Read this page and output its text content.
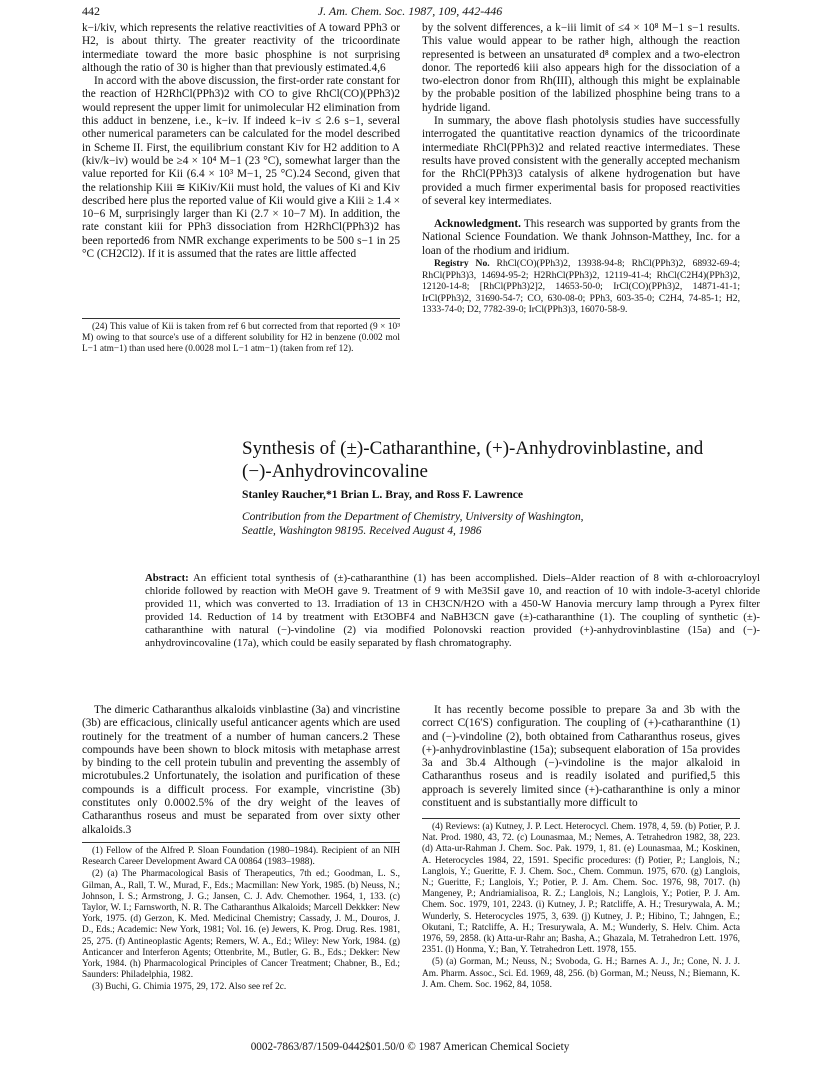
442	J. Am. Chem. Soc. 1987, 109, 442-446

k−i/kiv, which represents the relative reactivities of A toward PPh3 or H2, is about thirty. The greater reactivity of the tricoordinate intermediate toward the more basic phosphine is not surprising although the ratio of 30 is higher than that previously estimated.4,6

In accord with the above discussion, the first-order rate constant for the reaction of H2RhCl(PPh3)2 with CO to give RhCl(CO)(PPh3)2 would represent the upper limit for unimolecular H2 elimination from this adduct in benzene, i.e., k−iv. If indeed k−iv ≤ 2.6 s−1, several other numerical parameters can be calculated for the model described in Scheme II. First, the equilibrium constant Kiv for H2 addition to A (kiv/k−iv) would be ≥4 × 10⁴ M−1 (23 °C), somewhat larger than the value reported for Kii (6.4 × 10³ M−1, 25 °C).24 Second, given that the relationship Kiii ≅ KiKiv/Kii must hold, the values of Ki and Kiv described here plus the reported value of Kii would give a Kiii ≥ 1.4 × 10−6 M, surprisingly larger than Ki (2.7 × 10−7 M). In addition, the rate constant kiii for PPh3 dissociation from H2RhCl(PPh3)2 has been reported6 from NMR exchange experiments to be 500 s−1 in 25 °C (CH2Cl2). If it is assumed that the rates are little affected

(24) This value of Kii is taken from ref 6 but corrected from that reported (9 × 10³ M) owing to that source's use of a different solubility for H2 in benzene (0.002 mol L−1 atm−1) than used here (0.0028 mol L−1 atm−1) (taken from ref 12).

by the solvent differences, a k−iii limit of ≤4 × 10⁸ M−1 s−1 results. This value would appear to be rather high, although the reaction represented is between an unsaturated d⁸ complex and a two-electron donor. The reported6 kiii also appears high for the dissociation of a two-electron donor from Rh(III), although this might be explainable by the probable position of the labilized phosphine being trans to a hydride ligand.

In summary, the above flash photolysis studies have successfully interrogated the quantitative reaction dynamics of the tricoordinate intermediate RhCl(PPh3)2 and related reactive intermediates. These results have proved consistent with the generally accepted mechanism for the RhCl(PPh3)3 catalysis of alkene hydrogenation but have provided a much firmer experimental basis for proposed reactivities of several key intermediates.

Acknowledgment. This research was supported by grants from the National Science Foundation. We thank Johnson-Matthey, Inc. for a loan of the rhodium and iridium.

Registry No. RhCl(CO)(PPh3)2, 13938-94-8; RhCl(PPh3)2, 68932-69-4; RhCl(PPh3)3, 14694-95-2; H2RhCl(PPh3)2, 12119-41-4; RhCl(C2H4)(PPh3)2, 12120-14-8; [RhCl(PPh3)2]2, 14653-50-0; IrCl(CO)(PPh3)2, 14871-41-1; IrCl(PPh3)2, 31690-54-7; CO, 630-08-0; PPh3, 603-35-0; C2H4, 74-85-1; H2, 1333-74-0; D2, 7782-39-0; IrCl(PPh3)3, 16070-58-9.

Synthesis of (±)-Catharanthine, (+)-Anhydrovinblastine, and
(−)-Anhydrovincovaline
Stanley Raucher,*1 Brian L. Bray, and Ross F. Lawrence
Contribution from the Department of Chemistry, University of Washington,
Seattle, Washington 98195. Received August 4, 1986
Abstract: An efficient total synthesis of (±)-catharanthine (1) has been accomplished. Diels–Alder reaction of 8 with α-chloroacryloyl chloride followed by reaction with MeOH gave 9. Treatment of 9 with Me3SiI gave 10, and reaction of 10 with indole-3-acetyl chloride provided 11, which was converted to 13. Irradiation of 13 in CH3CN/H2O with a 450-W Hanovia mercury lamp through a Pyrex filter provided 14. Reduction of 14 by treatment with Et3OBF4 and NaBH3CN gave (±)-catharanthine (1). The coupling of synthetic (±)-catharanthine with natural (−)-vindoline (2) via modified Polonovski reaction provided (+)-anhydrovinblastine (15a) and (−)-anhydrovincovaline (17a), which could be easily separated by flash chromatography.

The dimeric Catharanthus alkaloids vinblastine (3a) and vincristine (3b) are efficacious, clinically useful anticancer agents which are used routinely for the treatment of a number of human cancers.2 These compounds have been shown to block mitosis with metaphase arrest by binding to the cell protein tubulin and preventing the assembly of microtubules.2 Unfortunately, the isolation and purification of these compounds is a difficult process. For example, vincristine (3b) constitutes only 0.0002.5% of the dry weight of the leaves of Catharanthus roseus and must be separated from over sixty other alkaloids.3

(1) Fellow of the Alfred P. Sloan Foundation (1980–1984). Recipient of an NIH Research Career Development Award CA 00864 (1983–1988).

(2) (a) The Pharmacological Basis of Therapeutics, 7th ed.; Goodman, L. S., Gilman, A., Rall, T. W., Murad, F., Eds.; Macmillan: New York, 1985. (b) Neuss, N.; Johnson, I. S.; Armstrong, J. G.; Jansen, C. J. Adv. Chemother. 1964, 1, 133. (c) Taylor, W. I.; Farnsworth, N. R. The Catharanthus Alkaloids; Marcell Dekkker: New York, 1975. (d) Gerzon, K. Med. Medicinal Chemistry; Cassady, J. M., Douros, J. D., Eds.; Academic: New York, 1981; Vol. 16. (e) Jewers, K. Prog. Drug. Res. 1981, 25, 275. (f) Antineoplastic Agents; Remers, W. A., Ed.; Wiley: New York, 1984. (g) Anticancer and Interferon Agents; Ottenbrite, M., Butler, G. B., Eds.; Dekker: New York, 1984. (h) Pharmacological Principles of Cancer Treatment; Chabner, B., Ed.; Saunders: Philadelphia, 1982.

(3) Buchi, G. Chimia 1975, 29, 172. Also see ref 2c.

It has recently become possible to prepare 3a and 3b with the correct C(16′S) configuration. The coupling of (+)-catharanthine (1) and (−)-vindoline (2), both obtained from Catharanthus roseus, gives (+)-anhydrovinblastine (15a); subsequent elaboration of 15a provides 3a and 3b.4 Although (−)-vindoline is the major alkaloid in Catharanthus roseus and is readily isolated and purified,5 this approach is severely limited since (+)-catharanthine is only a minor constituent and is substantially more difficult to

(4) Reviews: (a) Kutney, J. P. Lect. Heterocycl. Chem. 1978, 4, 59. (b) Potier, P. J. Nat. Prod. 1980, 43, 72. (c) Lounasmaa, M.; Nemes, A. Tetrahedron 1982, 38, 223. (d) Atta-ur-Rahman J. Chem. Soc. Pak. 1979, 1, 81. (e) Lounasmaa, M.; Koskinen, A. Heterocycles 1984, 22, 1591. Specific procedures: (f) Potier, P.; Langlois, N.; Langlois, Y.; Gueritte, F. J. Chem. Soc., Chem. Commun. 1975, 670. (g) Langlois, N.; Gueritte, F.; Langlois, Y.; Potier, P. J. Am. Chem. Soc. 1976, 98, 7017. (h) Mangeney, P.; Andriamialisoa, R. Z.; Langlois, N.; Langlois, Y.; Potier, P. J. Am. Chem. Soc. 1979, 101, 2243. (i) Kutney, J. P.; Ratcliffe, A. H.; Tresurywala, A. M.; Wunderly, S. Heterocycles 1975, 3, 639. (j) Kutney, J. P.; Hibino, T.; Jahngen, E.; Okutani, T.; Ratcliffe, A. H.; Tresurywala, A. M.; Wunderly, S. Helv. Chim. Acta 1976, 59, 2858. (k) Atta-ur-Rahr an; Basha, A.; Ghazala, M. Tetrahedron Lett. 1976, 2351. (l) Honma, Y.; Ban, Y. Tetrahedron Lett. 1978, 155.

(5) (a) Gorman, M.; Neuss, N.; Svoboda, G. H.; Barnes A. J., Jr.; Cone, N. J. J. Am. Pharm. Assoc., Sci. Ed. 1969, 48, 256. (b) Gorman, M.; Neuss, N.; Biemann, K. J. Am. Chem. Soc. 1962, 84, 1058.

0002-7863/87/1509-0442$01.50/0 © 1987 American Chemical Society
